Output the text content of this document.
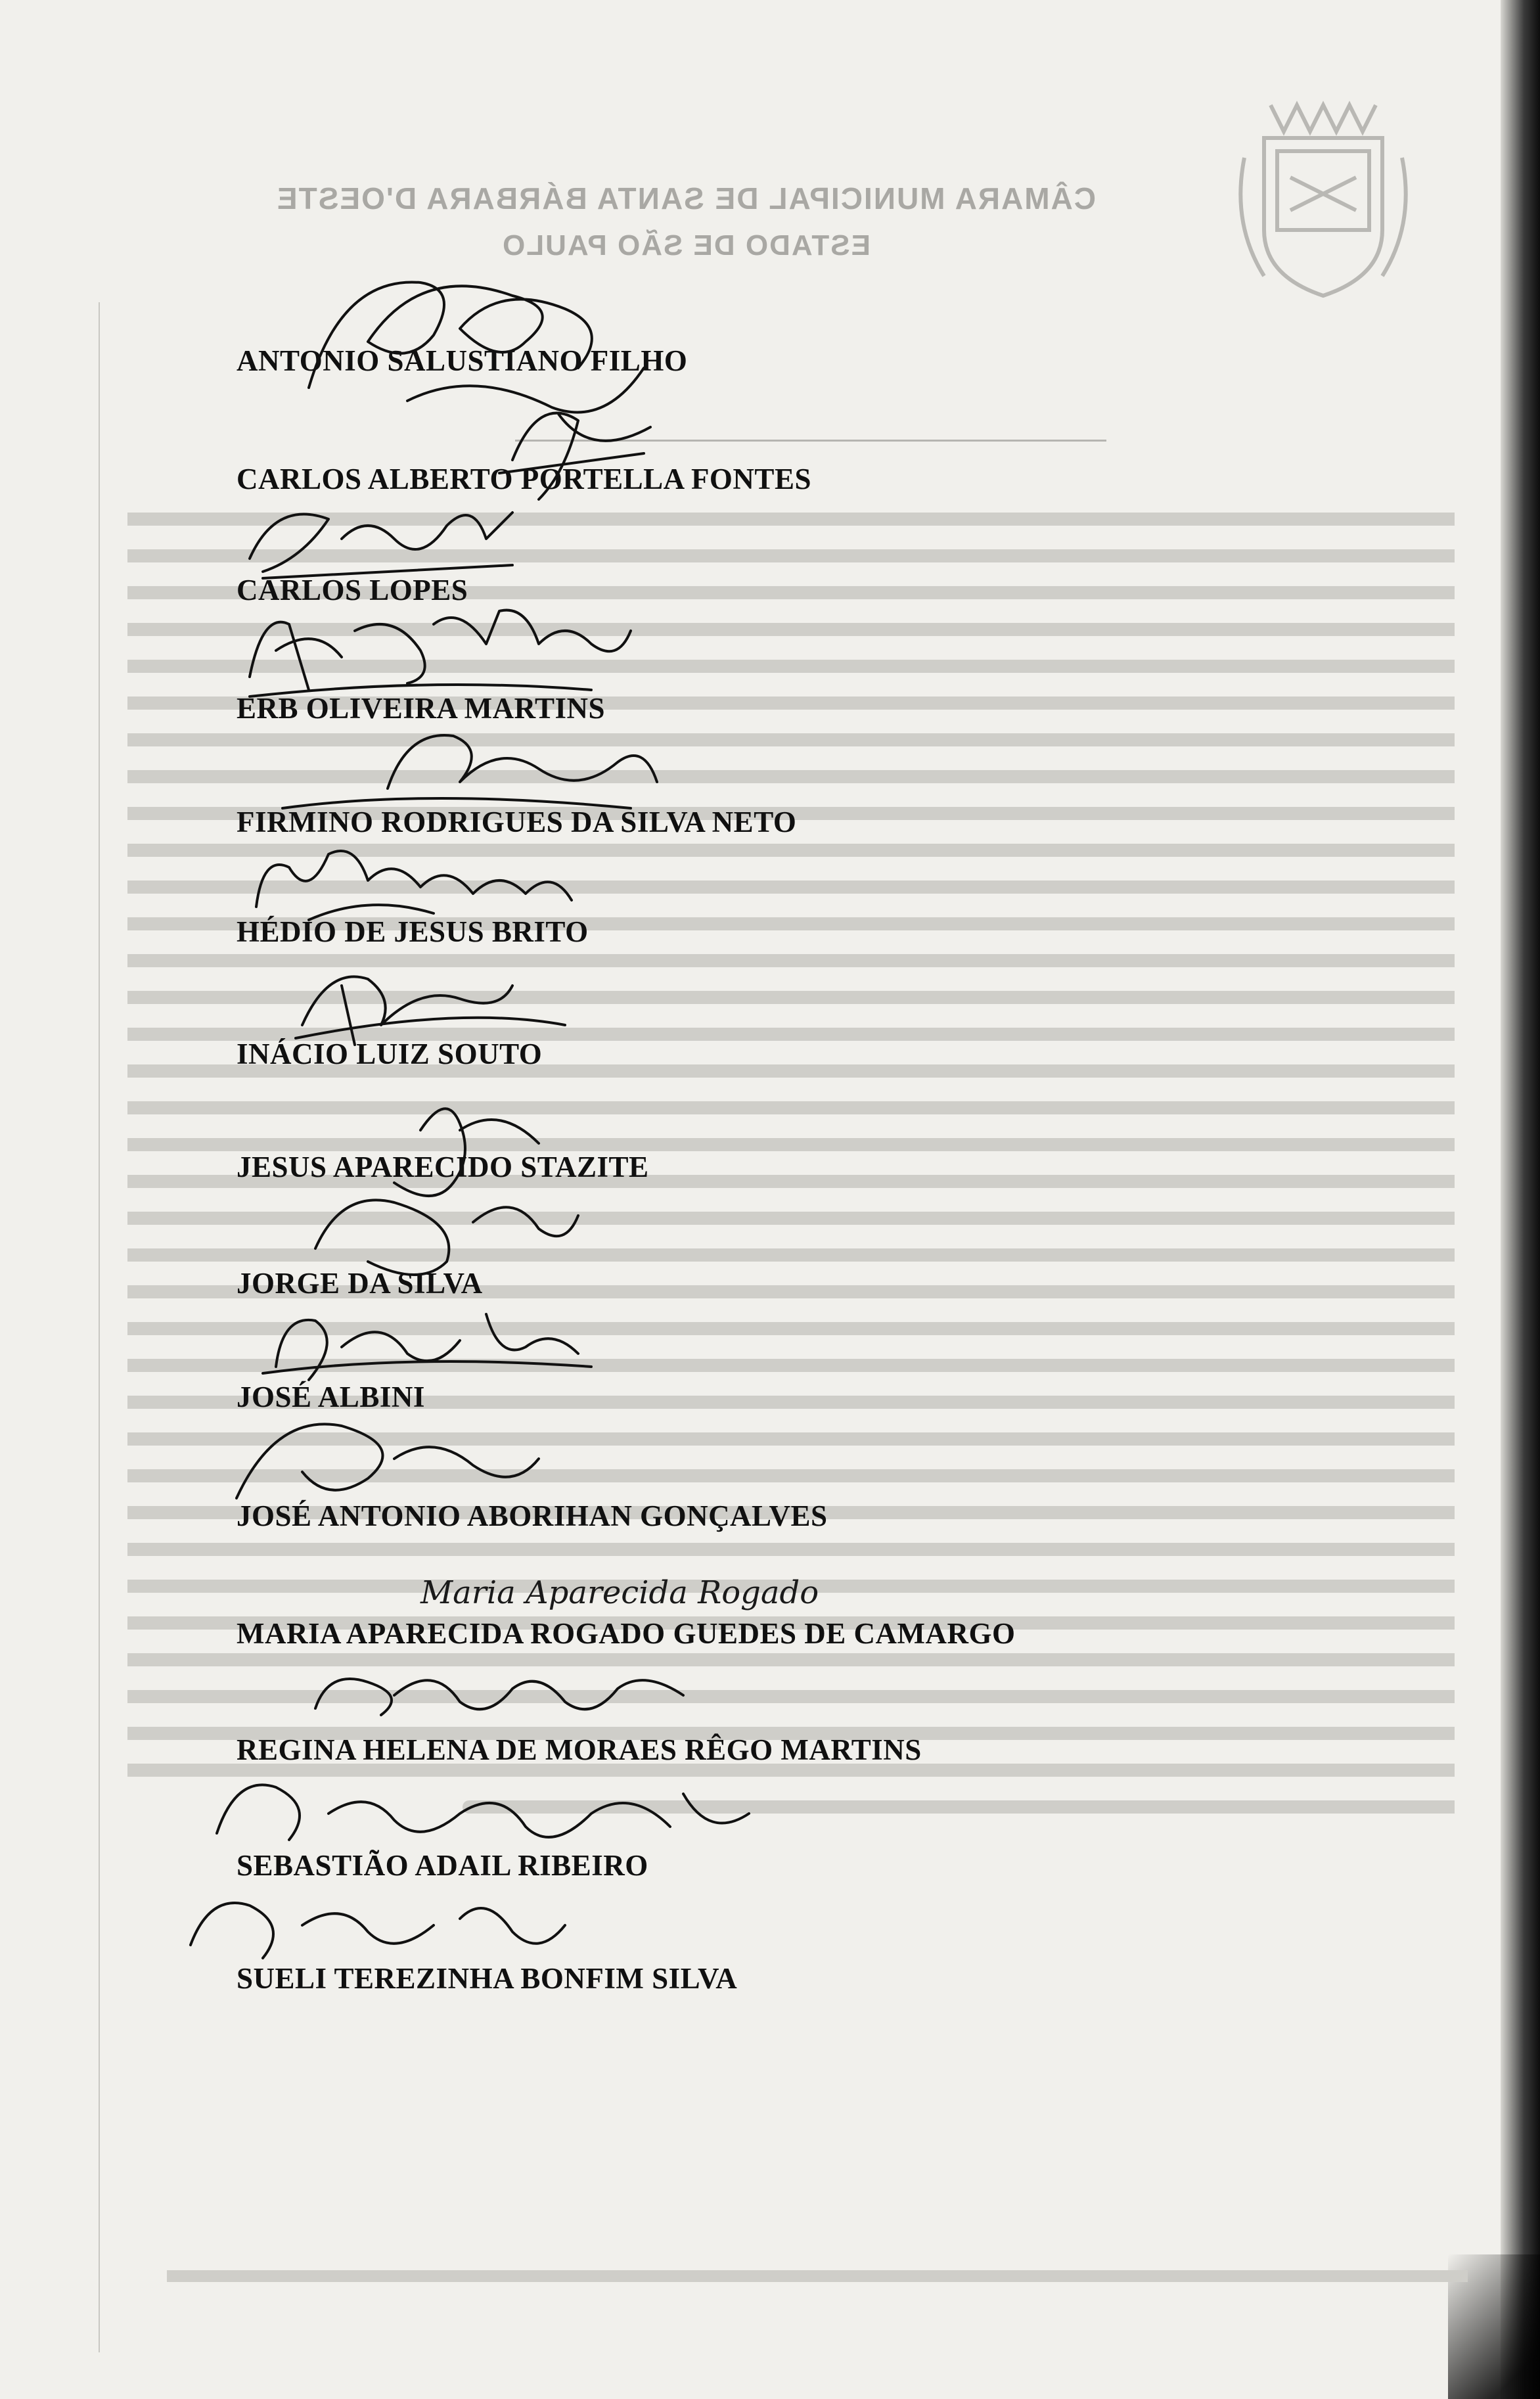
CÂMARA MUNICIPAL DE SANTA BÁRBARA D'OESTE
ESTADO DE SÃO PAULO
ANTONIO SALUSTIANO FILHO
CARLOS ALBERTO PORTELLA FONTES
CARLOS LOPES
ERB OLIVEIRA MARTINS
FIRMINO RODRIGUES DA SILVA NETO
HÉDIO DE JESUS BRITO
INÁCIO LUIZ SOUTO
JESUS APARECIDO STAZITE
JORGE DA SILVA
JOSÉ ALBINI
JOSÉ ANTONIO ABORIHAN GONÇALVES
MARIA APARECIDA ROGADO GUEDES DE CAMARGO
REGINA HELENA DE MORAES RÊGO MARTINS
SEBASTIÃO ADAIL RIBEIRO
SUELI TEREZINHA BONFIM SILVA
Maria Aparecida Rogado
